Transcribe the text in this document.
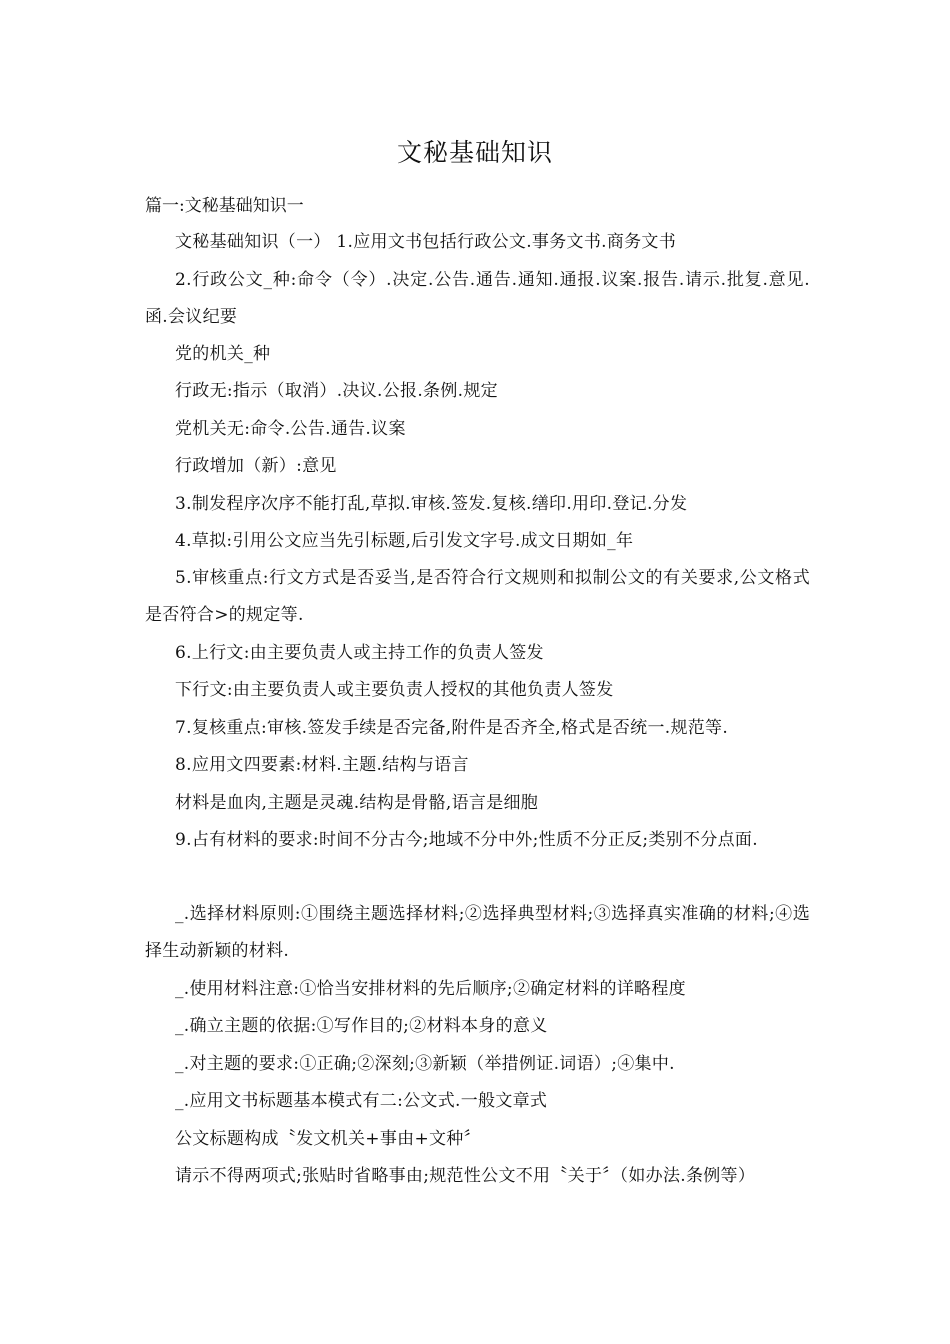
文秘基础知识
篇一:文秘基础知识一

文秘基础知识（一） 1.应用文书包括行政公文.事务文书.商务文书

2.行政公文_种:命令（令）.决定.公告.通告.通知.通报.议案.报告.请示.批复.意见.函.会议纪要

党的机关_种

行政无:指示（取消）.决议.公报.条例.规定

党机关无:命令.公告.通告.议案

行政增加（新）:意见

3.制发程序次序不能打乱,草拟.审核.签发.复核.缮印.用印.登记.分发

4.草拟:引用公文应当先引标题,后引发文字号.成文日期如_年

5.审核重点:行文方式是否妥当,是否符合行文规则和拟制公文的有关要求,公文格式是否符合>的规定等.

6.上行文:由主要负责人或主持工作的负责人签发

下行文:由主要负责人或主要负责人授权的其他负责人签发

7.复核重点:审核.签发手续是否完备,附件是否齐全,格式是否统一.规范等.

8.应用文四要素:材料.主题.结构与语言

材料是血肉,主题是灵魂.结构是骨骼,语言是细胞

9.占有材料的要求:时间不分古今;地域不分中外;性质不分正反;类别不分点面.

_.选择材料原则:①围绕主题选择材料;②选择典型材料;③选择真实准确的材料;④选择生动新颖的材料.

_.使用材料注意:①恰当安排材料的先后顺序;②确定材料的详略程度

_.确立主题的依据:①写作目的;②材料本身的意义

_.对主题的要求:①正确;②深刻;③新颖（举措例证.词语）;④集中.

_.应用文书标题基本模式有二:公文式.一般文章式

公文标题构成〝发文机关+事由+文种〞

请示不得两项式;张贴时省略事由;规范性公文不用〝关于〞（如办法.条例等）
